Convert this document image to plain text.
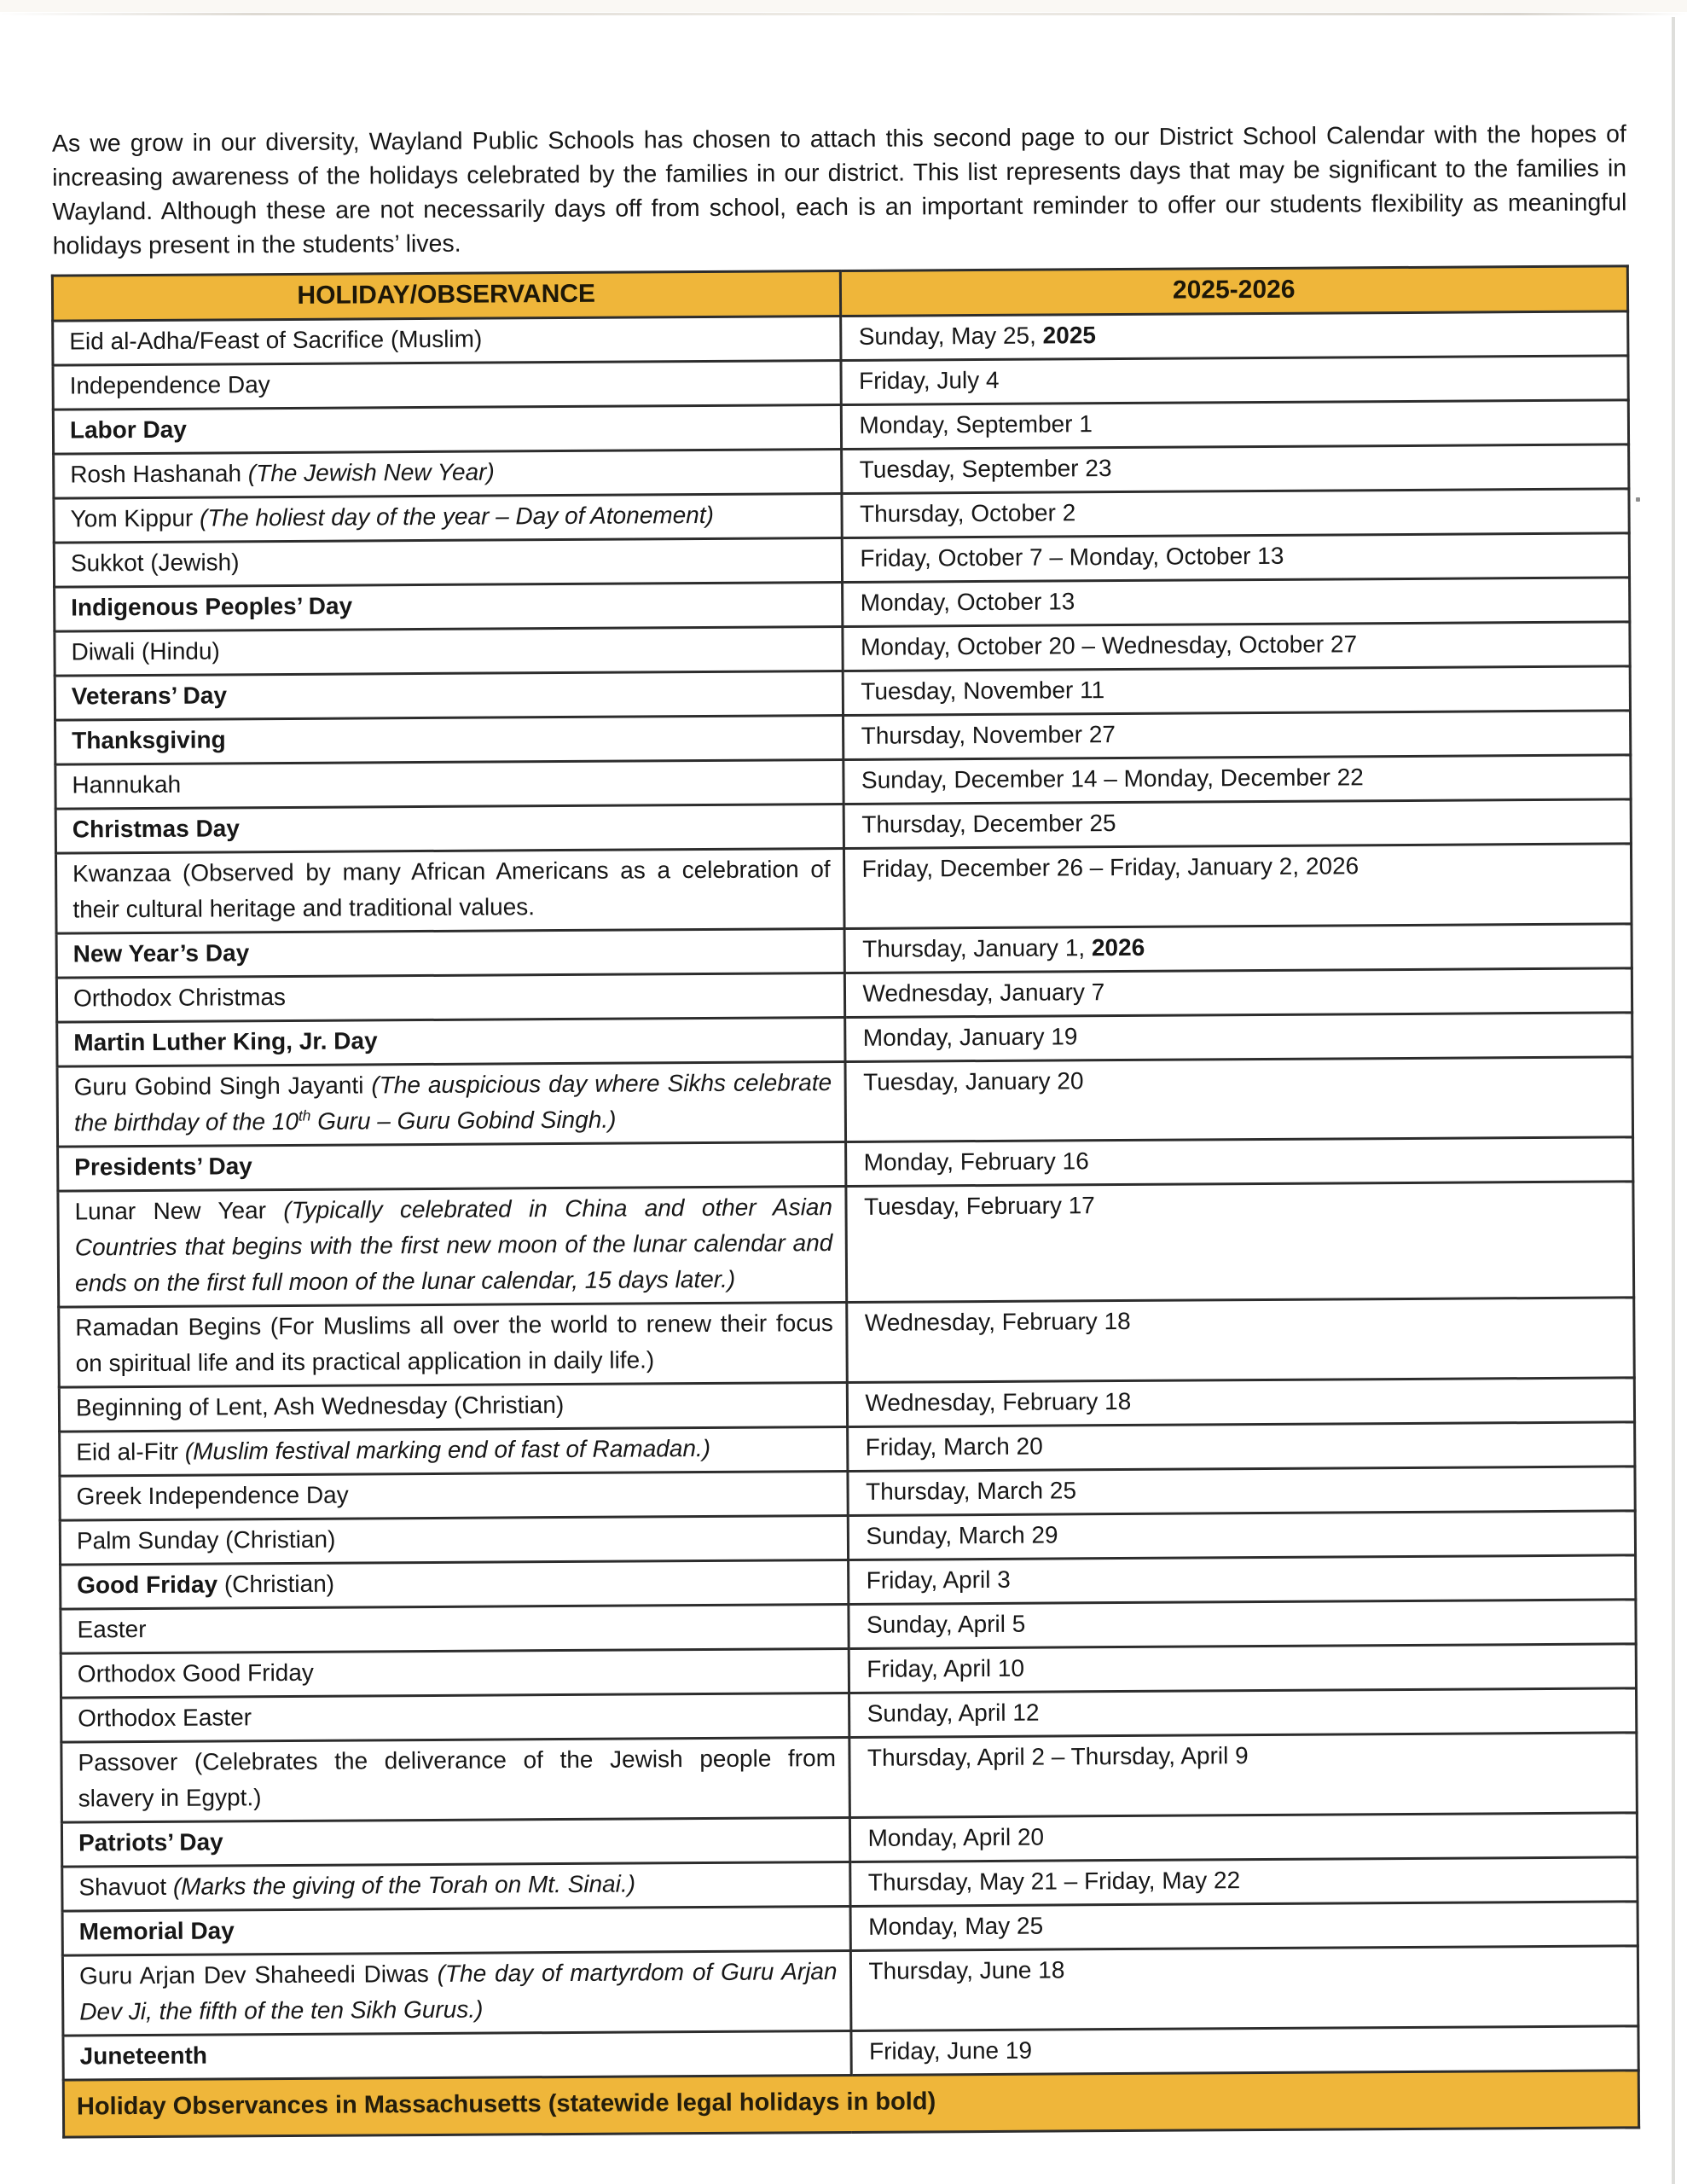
As we grow in our diversity, Wayland Public Schools has chosen to attach this second page to our District School Calendar with the hopes of increasing awareness of the holidays celebrated by the families in our district. This list represents days that may be significant to the families in Wayland. Although these are not necessarily days off from school, each is an important reminder to offer our students flexibility as meaningful holidays present in the students’ lives.

HOLIDAY/OBSERVANCE	2025-2026
Eid al-Adha/Feast of Sacrifice (Muslim)	Sunday, May 25, 2025
Independence Day	Friday, July 4
Labor Day	Monday, September 1
Rosh Hashanah (The Jewish New Year)	Tuesday, September 23
Yom Kippur (The holiest day of the year – Day of Atonement)	Thursday, October 2
Sukkot (Jewish)	Friday, October 7 – Monday, October 13
Indigenous Peoples’ Day	Monday, October 13
Diwali (Hindu)	Monday, October 20 – Wednesday, October 27
Veterans’ Day	Tuesday, November 11
Thanksgiving	Thursday, November 27
Hannukah	Sunday, December 14 – Monday, December 22
Christmas Day	Thursday, December 25
Kwanzaa (Observed by many African Americans as a celebration of their cultural heritage and traditional values.	Friday, December 26 – Friday, January 2, 2026
New Year’s Day	Thursday, January 1, 2026
Orthodox Christmas	Wednesday, January 7
Martin Luther King, Jr. Day	Monday, January 19
Guru Gobind Singh Jayanti (The auspicious day where Sikhs celebrate the birthday of the 10th Guru – Guru Gobind Singh.)	Tuesday, January 20
Presidents’ Day	Monday, February 16
Lunar New Year (Typically celebrated in China and other Asian Countries that begins with the first new moon of the lunar calendar and ends on the first full moon of the lunar calendar, 15 days later.)	Tuesday, February 17
Ramadan Begins (For Muslims all over the world to renew their focus on spiritual life and its practical application in daily life.)	Wednesday, February 18
Beginning of Lent, Ash Wednesday (Christian)	Wednesday, February 18
Eid al-Fitr (Muslim festival marking end of fast of Ramadan.)	Friday, March 20
Greek Independence Day	Thursday, March 25
Palm Sunday (Christian)	Sunday, March 29
Good Friday (Christian)	Friday, April 3
Easter	Sunday, April 5
Orthodox Good Friday	Friday, April 10
Orthodox Easter	Sunday, April 12
Passover (Celebrates the deliverance of the Jewish people from slavery in Egypt.)	Thursday, April 2 – Thursday, April 9
Patriots’ Day	Monday, April 20
Shavuot (Marks the giving of the Torah on Mt. Sinai.)	Thursday, May 21 – Friday, May 22
Memorial Day	Monday, May 25
Guru Arjan Dev Shaheedi Diwas (The day of martyrdom of Guru Arjan Dev Ji, the fifth of the ten Sikh Gurus.)	Thursday, June 18
Juneteenth	Friday, June 19
Holiday Observances in Massachusetts (statewide legal holidays in bold)	
